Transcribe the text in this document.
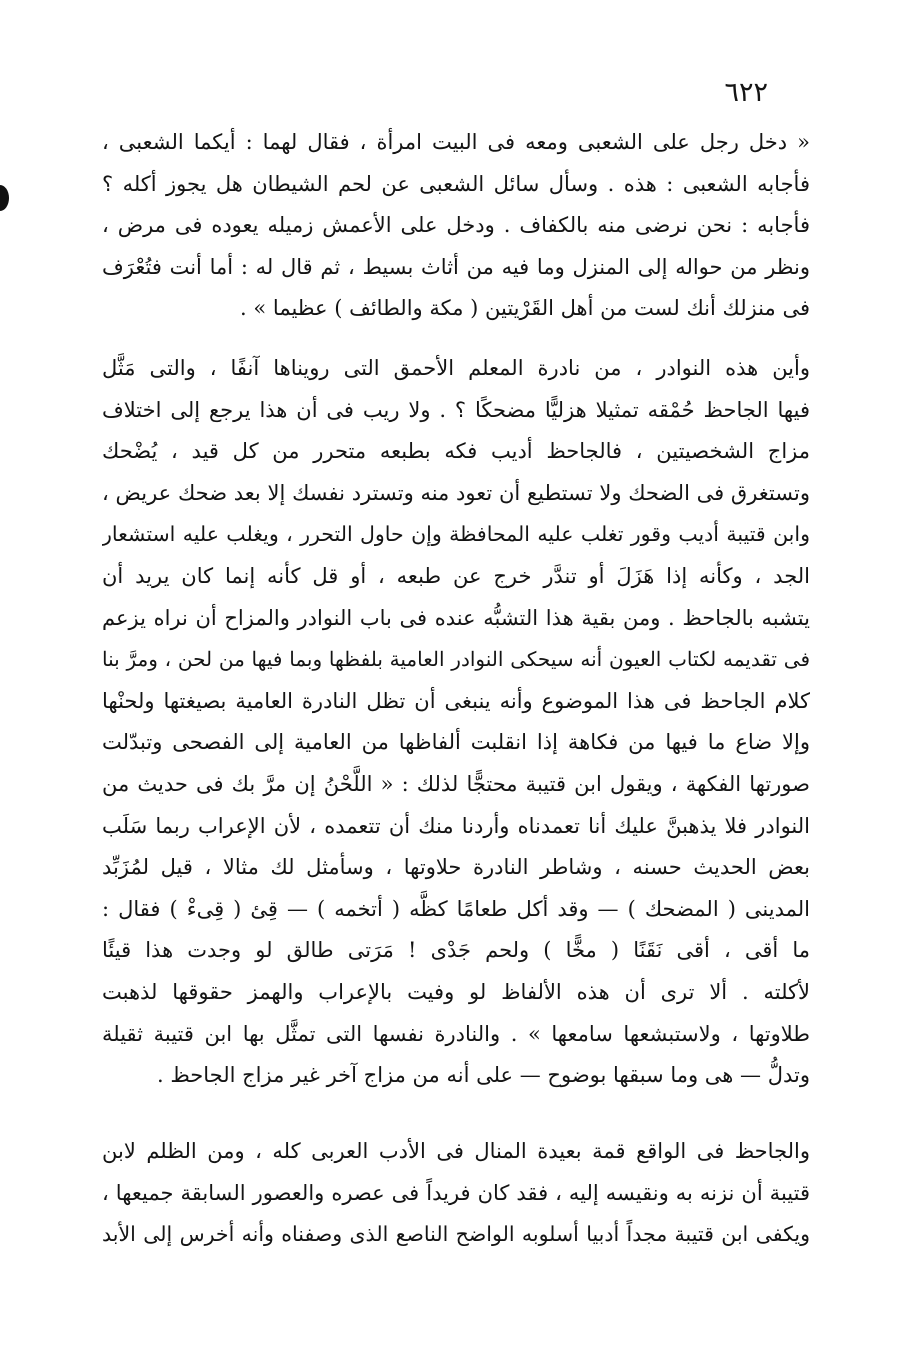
٦٢٢

« دخل رجل على الشعبى ومعه فى البيت امرأة ، فقال لهما : أيكما الشعبى ،
فأجابه الشعبى : هذه . وسأل سائل الشعبى عن لحم الشيطان هل يجوز أكله ؟
فأجابه : نحن نرضى منه بالكفاف . ودخل على الأعمش زميله يعوده فى مرض ،
ونظر من حواله إلى المنزل وما فيه من أثاث بسيط ، ثم قال له : أما أنت فتُعْرَف
فى منزلك أنك لست من أهل القَرْيتين ( مكة والطائف ) عظيما » .

وأين هذه النوادر ، من نادرة المعلم الأحمق التى رويناها آنفًا ، والتى مَثَّل
فيها الجاحظ حُمْقه تمثيلا هزليًّا مضحكًا ؟ . ولا ريب فى أن هذا يرجع إلى اختلاف
مزاج الشخصيتين ، فالجاحظ أديب فكه بطبعه متحرر من كل قيد ، يُضْحك
وتستغرق فى الضحك ولا تستطيع أن تعود منه وتسترد نفسك إلا بعد ضحك عريض ،
وابن قتيبة أديب وقور تغلب عليه المحافظة وإن حاول التحرر ، ويغلب عليه استشعار
الجد ، وكأنه إذا هَزَلَ أو تندَّر خرج عن طبعه ، أو قل كأنه إنما كان يريد أن
يتشبه بالجاحظ . ومن بقية هذا التشبُّه عنده فى باب النوادر والمزاح أن نراه يزعم
فى تقديمه لكتاب العيون أنه سيحكى النوادر العامية بلفظها وبما فيها من لحن ، ومرَّ بنا
كلام الجاحظ فى هذا الموضوع وأنه ينبغى أن تظل النادرة العامية بصيغتها ولحنْها
وإلا ضاع ما فيها من فكاهة إذا انقلبت ألفاظها من العامية إلى الفصحى وتبدّلت
صورتها الفكهة ، ويقول ابن قتيبة محتجًّا لذلك : « اللَّحْنُ إن مرَّ بك فى حديث من
النوادر فلا يذهبنَّ عليك أنا تعمدناه وأردنا منك أن تتعمده ، لأن الإعراب ربما سَلَب
بعض الحديث حسنه ، وشاطر النادرة حلاوتها ، وسأمثل لك مثالا ، قيل لمُزَبِّد
المدينى ( المضحك ) — وقد أكل طعامًا كظَّه ( أتخمه ) — قِئ ( قِىءْ ) فقال :
ما أقى ، أقى نَقَنًا ( مخًّا ) ولحم جَدْى ! مَرَتى طالق لو وجدت هذا قيئًا
لأكلته . ألا ترى أن هذه الألفاظ لو وفيت بالإعراب والهمز حقوقها لذهبت
طلاوتها ، ولاستبشعها سامعها » . والنادرة نفسها التى تمثَّل بها ابن قتيبة ثقيلة
وتدلُّ — هى وما سبقها بوضوح — على أنه من مزاج آخر غير مزاج الجاحظ .

والجاحظ فى الواقع قمة بعيدة المنال فى الأدب العربى كله ، ومن الظلم لابن
قتيبة أن نزنه به ونقيسه إليه ، فقد كان فريداً فى عصره والعصور السابقة جميعها ،
ويكفى ابن قتيبة مجداً أدبيا أسلوبه الواضح الناصع الذى وصفناه وأنه أخرس إلى الأبد
